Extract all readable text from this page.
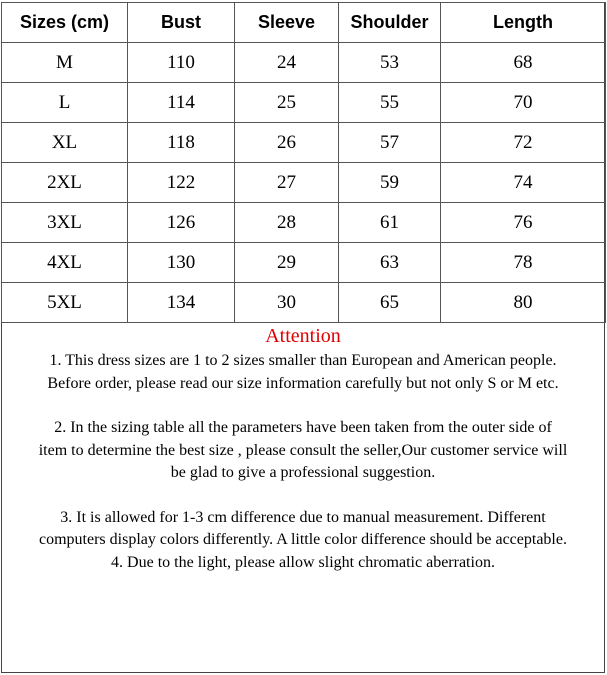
Sizes (cm)	Bust	Sleeve	Shoulder	Length
M	110	24	53	68
L	114	25	55	70
XL	118	26	57	72
2XL	122	27	59	74
3XL	126	28	61	76
4XL	130	29	63	78
5XL	134	30	65	80

Attention

1. This dress sizes are 1 to 2 sizes smaller than European and American people.
Before order, please read our size information carefully but not only S or M etc.

2. In the sizing table all the parameters have been taken from the outer side of
item to determine the best size , please consult the seller,Our customer service will
be glad to give a professional suggestion.

3. It is allowed for 1-3 cm difference due to manual measurement. Different
computers display colors differently. A little color difference should be acceptable.

4. Due to the light, please allow slight chromatic aberration.
